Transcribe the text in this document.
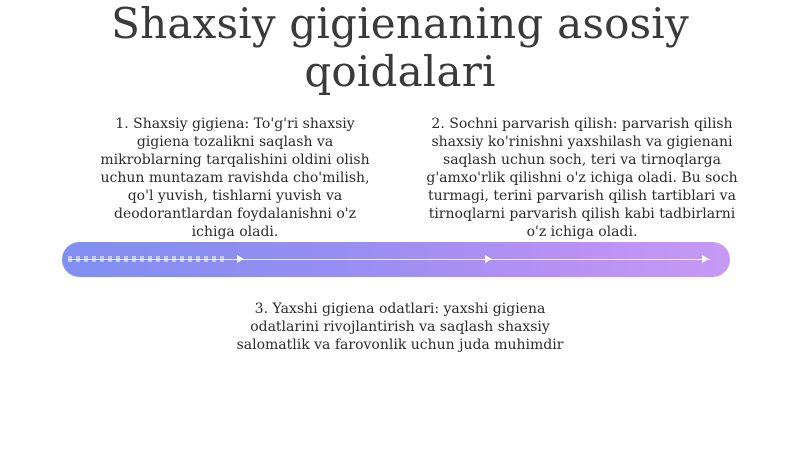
Shaxsiy gigienaning asosiy
qoidalari
1. Shaxsiy gigiena: To'g'ri shaxsiy
gigiena tozalikni saqlash va
mikroblarning tarqalishini oldini olish
uchun muntazam ravishda cho'milish,
qo'l yuvish, tishlarni yuvish va
deodorantlardan foydalanishni o'z
ichiga oladi.
2. Sochni parvarish qilish: parvarish qilish
shaxsiy ko'rinishni yaxshilash va gigienani
saqlash uchun soch, teri va tirnoqlarga
g'amxo'rlik qilishni o'z ichiga oladi. Bu soch
turmagi, terini parvarish qilish tartiblari va
tirnoqlarni parvarish qilish kabi tadbirlarni
o'z ichiga oladi.
3. Yaxshi gigiena odatlari: yaxshi gigiena
odatlarini rivojlantirish va saqlash shaxsiy
salomatlik va farovonlik uchun juda muhimdir
